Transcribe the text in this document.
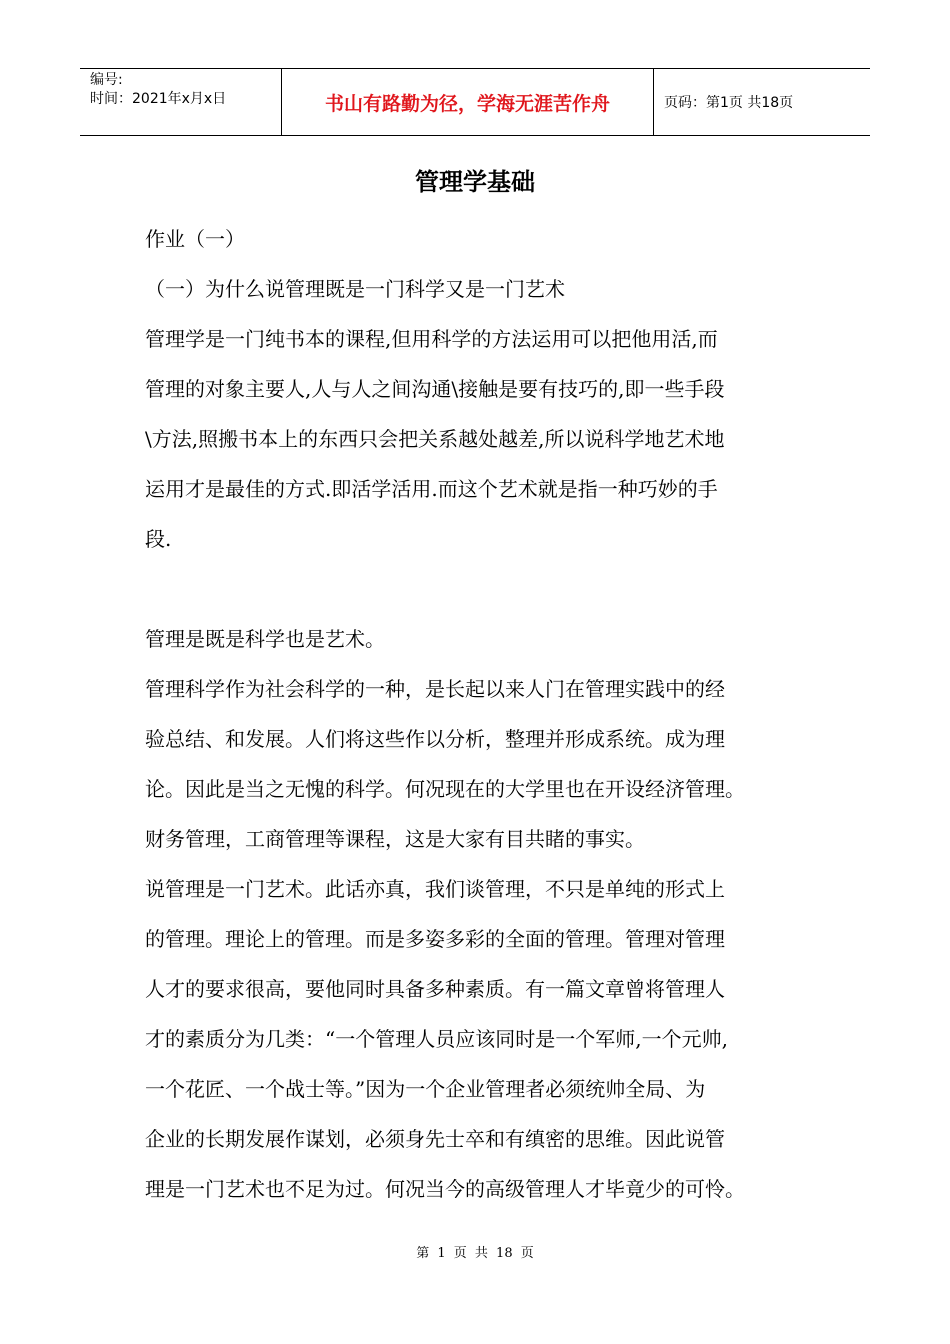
编号:
时间：2021年x月x日	书山有路勤为径，学海无涯苦作舟	页码：第1页 共18页
管理学基础

作业（一）

（一）为什么说管理既是一门科学又是一门艺术

管理学是一门纯书本的课程,但用科学的方法运用可以把他用活,而

管理的对象主要人,人与人之间沟通\接触是要有技巧的,即一些手段

\方法,照搬书本上的东西只会把关系越处越差,所以说科学地艺术地

运用才是最佳的方式.即活学活用.而这个艺术就是指一种巧妙的手

段.

管理是既是科学也是艺术。

管理科学作为社会科学的一种，是长起以来人门在管理实践中的经

验总结、和发展。人们将这些作以分析，整理并形成系统。成为理

论。因此是当之无愧的科学。何况现在的大学里也在开设经济管理。

财务管理，工商管理等课程，这是大家有目共睹的事实。

说管理是一门艺术。此话亦真，我们谈管理，不只是单纯的形式上

的管理。理论上的管理。而是多姿多彩的全面的管理。管理对管理

人才的要求很高，要他同时具备多种素质。有一篇文章曾将管理人

才的素质分为几类：“一个管理人员应该同时是一个军师,一个元帅,

一个花匠、一个战士等。”因为一个企业管理者必须统帅全局、为

企业的长期发展作谋划，必须身先士卒和有缜密的思维。因此说管

理是一门艺术也不足为过。何况当今的高级管理人才毕竟少的可怜。

第 1 页 共 18 页
